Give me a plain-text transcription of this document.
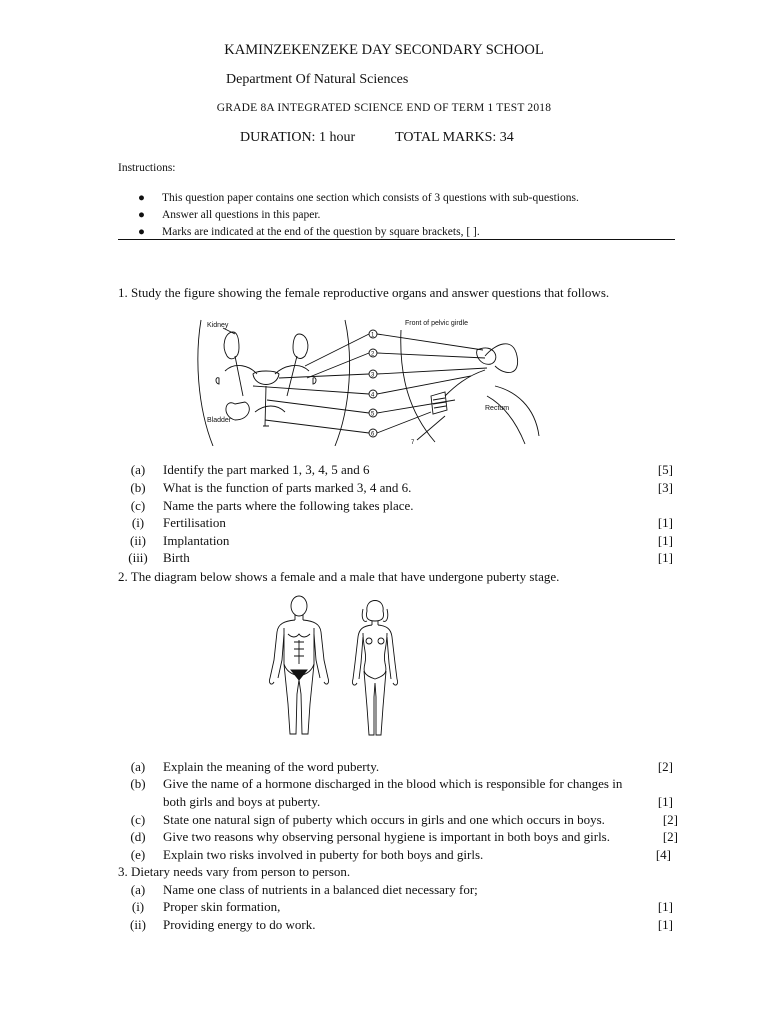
KAMINZEKENZEKE DAY SECONDARY SCHOOL
Department Of Natural Sciences
GRADE 8A INTEGRATED SCIENCE END OF TERM 1 TEST 2018
DURATION: 1 hour	TOTAL MARKS: 34
Instructions:
● This question paper contains one section which consists of 3 questions with sub-questions.
● Answer all questions in this paper.
● Marks are indicated at the end of the question by square brackets, [ ].
1. Study the figure showing the female reproductive organs and answer questions that follows.
1
2
3
4
5
6
7
Kidney
Bladder
Front of pelvic girdle
Rectum
(a)	Identify the part marked 1, 3, 4, 5 and 6	[5]
(b)	What is the function of parts marked 3, 4 and 6.	[3]
(c)	Name the parts where the following takes place.
(i)	Fertilisation	[1]
(ii)	Implantation	[1]
(iii)	Birth	[1]
2. The diagram below shows a female and a male that have undergone puberty stage.
(a)	Explain the meaning of the word puberty.	[2]
(b)	Give the name of a hormone discharged in the blood which is responsible for changes in
both girls and boys at puberty.	[1]
(c)	State one natural sign of puberty which occurs in girls and one which occurs in boys.	[2]
(d)	Give two reasons why observing personal hygiene is important in both boys and girls.	[2]
(e)	Explain two risks involved in puberty for both boys and girls.	[4]
3. Dietary needs vary from person to person.
(a)	Name one class of nutrients in a balanced diet necessary for;
(i)	Proper skin formation,	[1]
(ii)	Providing energy to do work.	[1]
